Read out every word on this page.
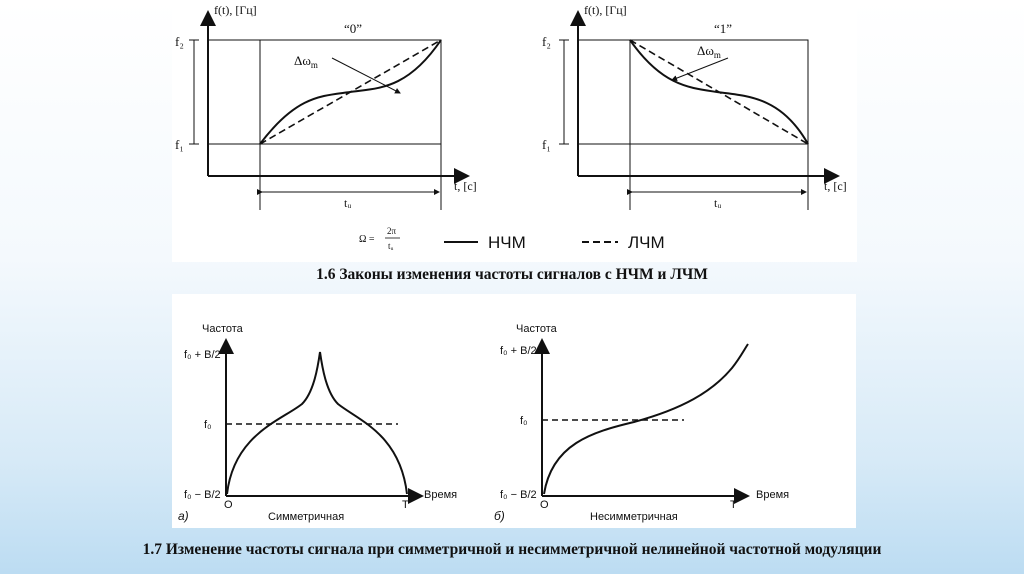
f(t), [Гц]
t, [c]
“0”
f₂
f₁
$\Delta\omega_m$
tᵤ
f(t), [Гц]
t, [c]
“1”
f₂
f₁
$\Delta\omega_m$
tᵤ
Ω =
2π
tᵤ	НЧМ	ЛЧМ
1.6 Законы изменения частоты сигналов с НЧМ и ЛЧМ
Частота
f₀ + B/2
f₀
f₀ − B/2
O	T
Время
а)	Симметричная
Частота
f₀ + B/2
f₀
f₀ − B/2
O	T
Время
б)	Несимметричная
1.7 Изменение частоты сигнала при симметричной и несимметричной нелинейной частотной модуляции
